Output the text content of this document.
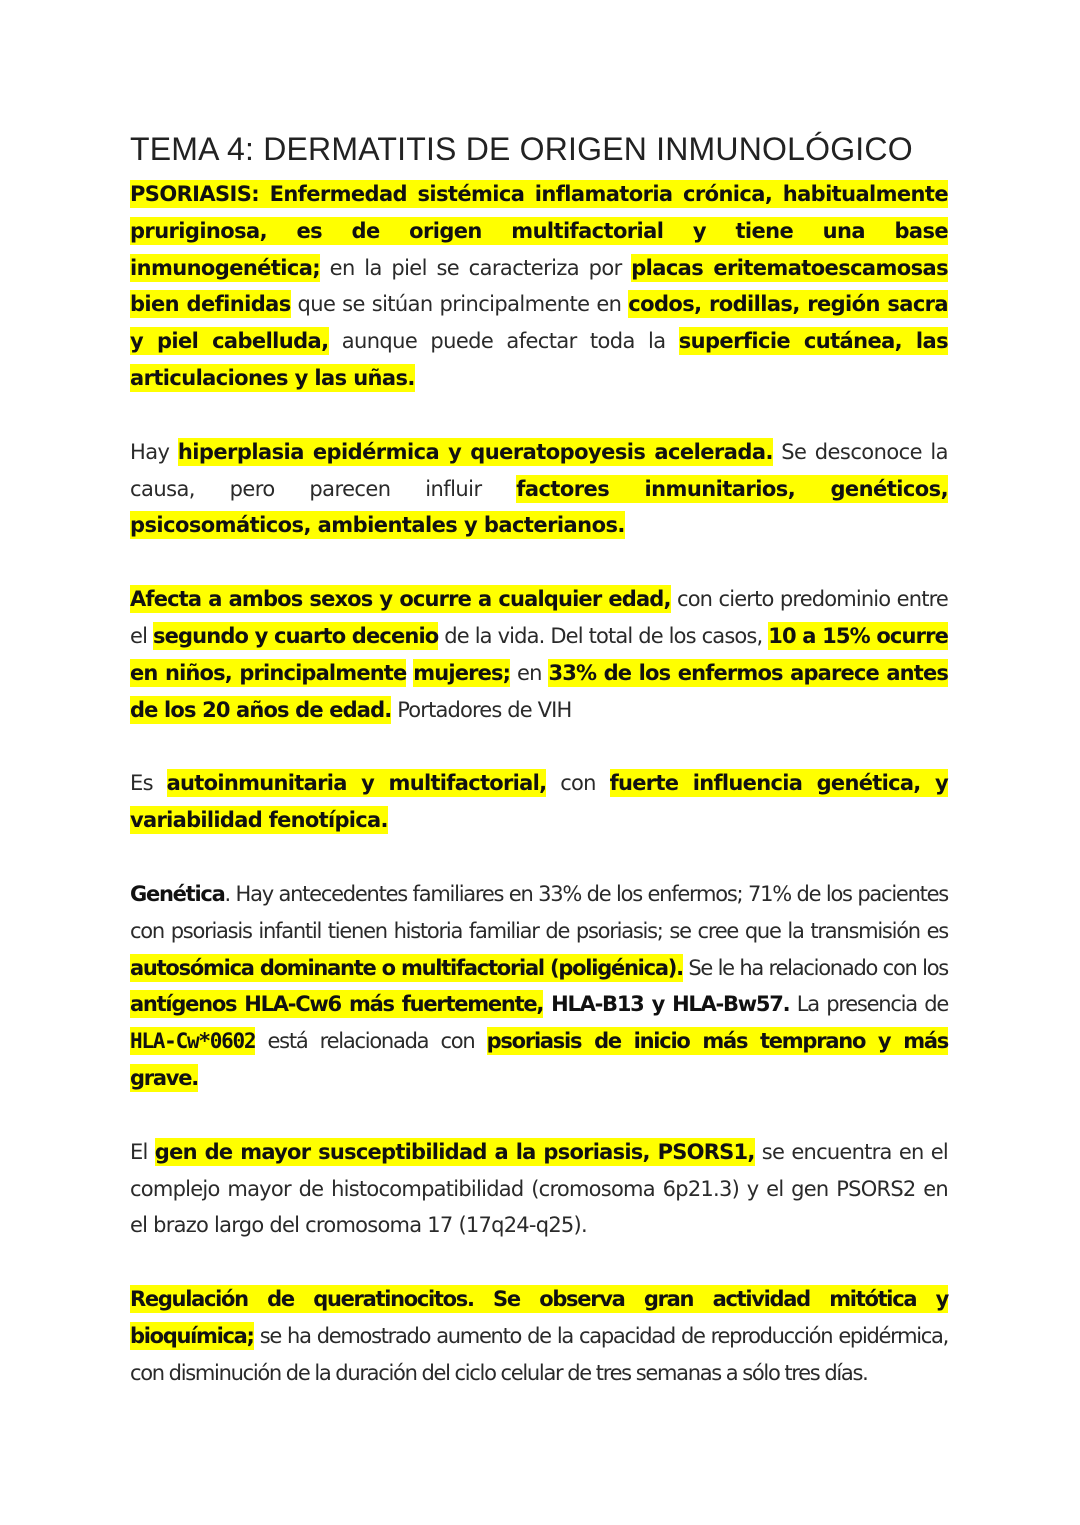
TEMA 4: DERMATITIS DE ORIGEN INMUNOLÓGICO

PSORIASIS: Enfermedad sistémica inflamatoria crónica, habitualmente pruriginosa, es de origen multifactorial y tiene una base inmunogenética; en la piel se caracteriza por placas eritematoescamosas bien definidas que se sitúan principalmente en codos, rodillas, región sacra y piel cabelluda, aunque puede afectar toda la superficie cutánea, las articulaciones y las uñas.

Hay hiperplasia epidérmica y queratopoyesis acelerada. Se desconoce la causa, pero parecen influir factores inmunitarios, genéticos, psicosomáticos, ambientales y bacterianos.

Afecta a ambos sexos y ocurre a cualquier edad, con cierto predominio entre el segundo y cuarto decenio de la vida. Del total de los casos, 10 a 15% ocurre en niños, principalmente mujeres; en 33% de los enfermos aparece antes de los 20 años de edad. Portadores de VIH

Es autoinmunitaria y multifactorial, con fuerte influencia genética, y variabilidad fenotípica.

Genética. Hay antecedentes familiares en 33% de los enfermos; 71% de los pacientes con psoriasis infantil tienen historia familiar de psoriasis; se cree que la transmisión es autosómica dominante o multifactorial (poligénica). Se le ha relacionado con los antígenos HLA-Cw6 más fuertemente, HLA-B13 y HLA-Bw57. La presencia de HLA-Cw*0602 está relacionada con psoriasis de inicio más temprano y más grave.

El gen de mayor susceptibilidad a la psoriasis, PSORS1, se encuentra en el complejo mayor de histocompatibilidad (cromosoma 6p21.3) y el gen PSORS2 en el brazo largo del cromosoma 17 (17q24-q25).

Regulación de queratinocitos. Se observa gran actividad mitótica y bioquímica; se ha demostrado aumento de la capacidad de reproducción epidérmica, con disminución de la duración del ciclo celular de tres semanas a sólo tres días.
